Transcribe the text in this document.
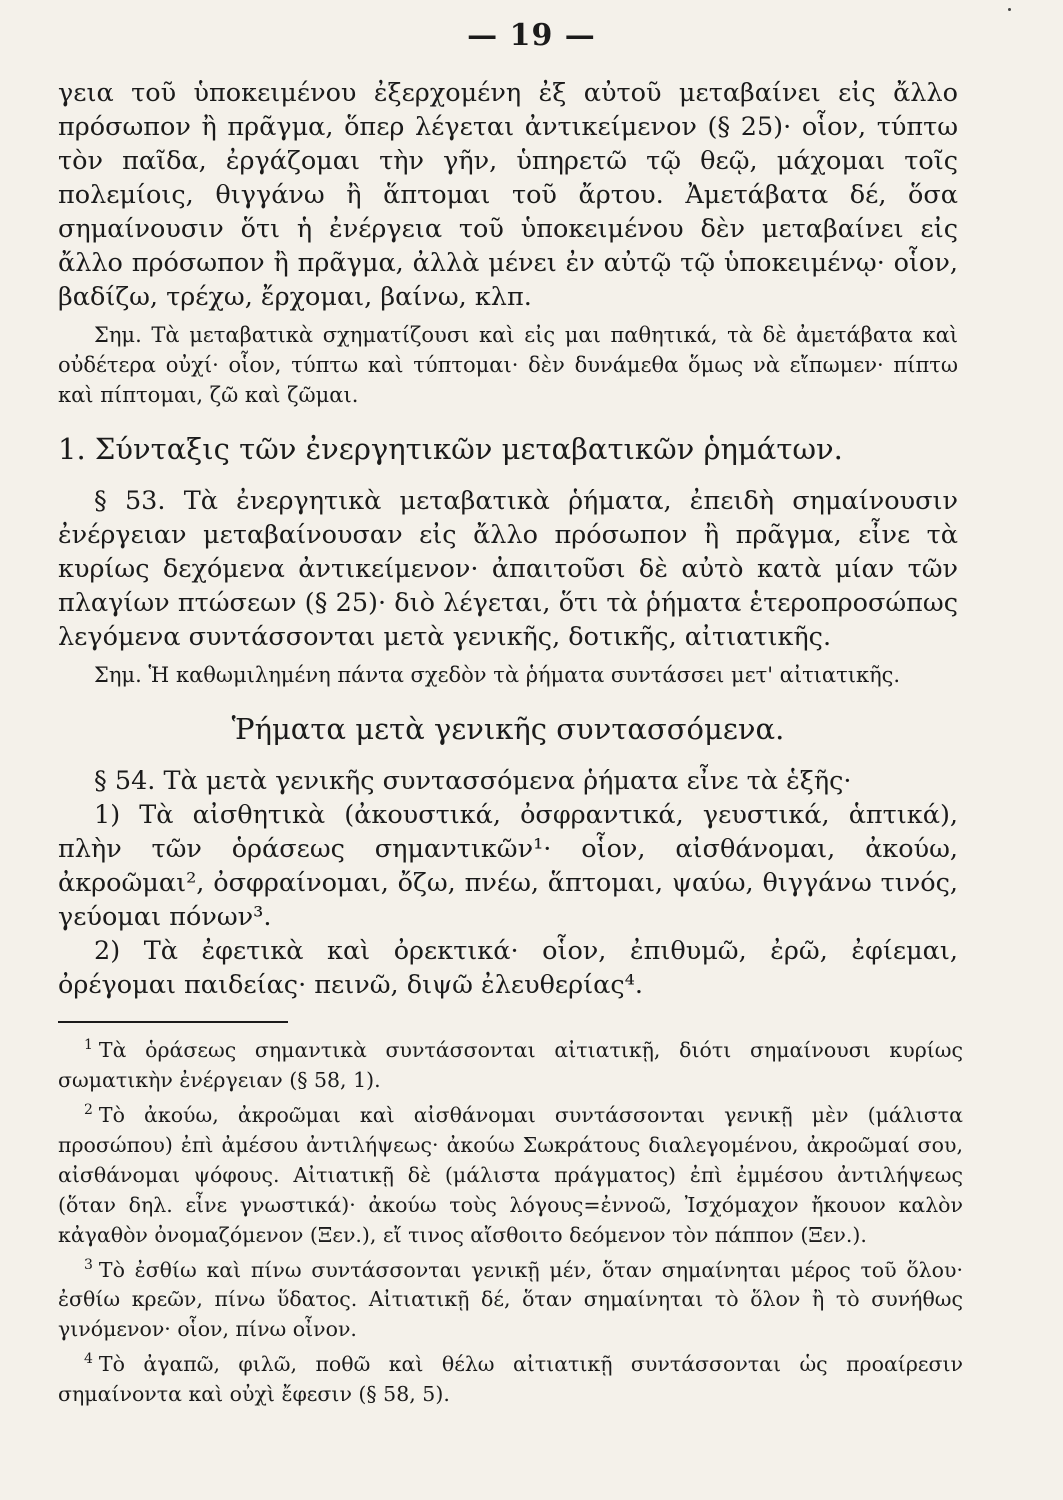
— 19 —

γεια τοῦ ὑποκειμένου ἐξερχομένη ἐξ αὐτοῦ μεταβαίνει εἰς ἄλλο πρόσωπον ἢ πρᾶγμα, ὅπερ λέγεται ἀντικείμενον (§ 25)· οἷον, τύπτω τὸν παῖδα, ἐργάζομαι τὴν γῆν, ὑπηρετῶ τῷ θεῷ, μάχομαι τοῖς πολεμίοις, θιγγάνω ἢ ἅπτομαι τοῦ ἄρτου. Ἀμετάβατα δέ, ὅσα σημαίνουσιν ὅτι ἡ ἐνέργεια τοῦ ὑποκειμένου δὲν μεταβαίνει εἰς ἄλλο πρόσωπον ἢ πρᾶγμα, ἀλλὰ μένει ἐν αὐτῷ τῷ ὑποκειμένῳ· οἷον, βαδίζω, τρέχω, ἔρχομαι, βαίνω, κλπ.

Σημ. Τὰ μεταβατικὰ σχηματίζουσι καὶ εἰς μαι παθητικά, τὰ δὲ ἀμετάβατα καὶ οὐδέτερα οὐχί· οἷον, τύπτω καὶ τύπτομαι· δὲν δυνάμεθα ὅμως νὰ εἴπωμεν· πίπτω καὶ πίπτομαι, ζῶ καὶ ζῶμαι.

1. Σύνταξις τῶν ἐνεργητικῶν μεταβατικῶν ῥημάτων.

§ 53. Τὰ ἐνεργητικὰ μεταβατικὰ ῥήματα, ἐπειδὴ σημαίνουσιν ἐνέργειαν μεταβαίνουσαν εἰς ἄλλο πρόσωπον ἢ πρᾶγμα, εἶνε τὰ κυρίως δεχόμενα ἀντικείμενον· ἀπαιτοῦσι δὲ αὐτὸ κατὰ μίαν τῶν πλαγίων πτώσεων (§ 25)· διὸ λέγεται, ὅτι τὰ ῥήματα ἑτεροπροσώπως λεγόμενα συντάσσονται μετὰ γενικῆς, δοτικῆς, αἰτιατικῆς.

Σημ. Ἡ καθωμιλημένη πάντα σχεδὸν τὰ ῥήματα συντάσσει μετ' αἰτιατικῆς.

Ῥήματα μετὰ γενικῆς συντασσόμενα.

§ 54. Τὰ μετὰ γενικῆς συντασσόμενα ῥήματα εἶνε τὰ ἑξῆς·

1) Τὰ αἰσθητικὰ (ἀκουστικά, ὀσφραντικά, γευστικά, ἁπτικά), πλὴν τῶν ὁράσεως σημαντικῶν¹· οἷον, αἰσθάνομαι, ἀκούω, ἀκροῶμαι², ὀσφραίνομαι, ὄζω, πνέω, ἅπτομαι, ψαύω, θιγγάνω τινός, γεύομαι πόνων³.

2) Τὰ ἐφετικὰ καὶ ὀρεκτικά· οἷον, ἐπιθυμῶ, ἐρῶ, ἐφίεμαι, ὀρέγομαι παιδείας· πεινῶ, διψῶ ἐλευθερίας⁴.

$^1$ Τὰ ὁράσεως σημαντικὰ συντάσσονται αἰτιατικῇ, διότι σημαίνουσι κυρίως σωματικὴν ἐνέργειαν (§ 58, 1).

$^2$ Τὸ ἀκούω, ἀκροῶμαι καὶ αἰσθάνομαι συντάσσονται γενικῇ μὲν (μάλιστα προσώπου) ἐπὶ ἀμέσου ἀντιλήψεως· ἀκούω Σωκράτους διαλεγομένου, ἀκροῶμαί σου, αἰσθάνομαι ψόφους. Αἰτιατικῇ δὲ (μάλιστα πράγματος) ἐπὶ ἐμμέσου ἀντιλήψεως (ὅταν δηλ. εἶνε γνωστικά)· ἀκούω τοὺς λόγους=ἐννοῶ, Ἰσχόμαχον ἤκουον καλὸν κἀγαθὸν ὀνομαζόμενον (Ξεν.), εἴ τινος αἴσθοιτο δεόμενον τὸν πάππον (Ξεν.).

$^3$ Τὸ ἐσθίω καὶ πίνω συντάσσονται γενικῇ μέν, ὅταν σημαίνηται μέρος τοῦ ὅλου· ἐσθίω κρεῶν, πίνω ὕδατος. Αἰτιατικῇ δέ, ὅταν σημαίνηται τὸ ὅλον ἢ τὸ συνήθως γινόμενον· οἷον, πίνω οἶνον.

$^4$ Τὸ ἀγαπῶ, φιλῶ, ποθῶ καὶ θέλω αἰτιατικῇ συντάσσονται ὡς προαίρεσιν σημαίνοντα καὶ οὐχὶ ἔφεσιν (§ 58, 5).
